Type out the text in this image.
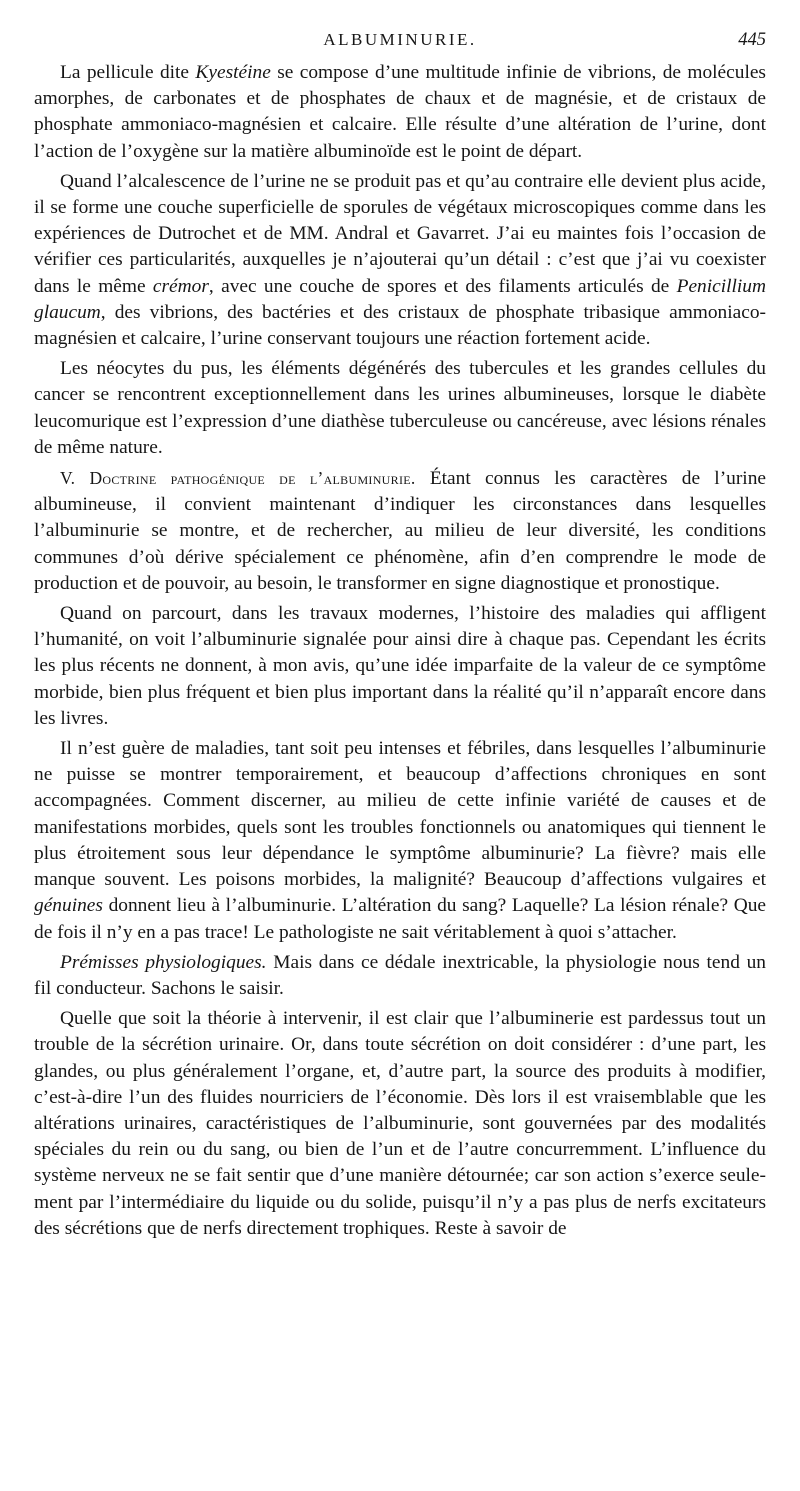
ALBUMINURIE.	445

La pellicule dite Kyestéine se compose d’une multitude infinie de vibrions, de molécules amorphes, de carbonates et de phosphates de chaux et de magnésie, et de cristaux de phosphate ammoniaco-magnésien et calcaire. Elle résulte d’une altération de l’urine, dont l’action de l’oxygène sur la matière albuminoïde est le point de départ.

Quand l’alcalescence de l’urine ne se produit pas et qu’au contraire elle devient plus acide, il se forme une couche superficielle de sporules de végétaux microscopiques comme dans les expériences de Dutrochet et de MM. Andral et Gavarret. J’ai eu maintes fois l’occasion de vérifier ces particularités, auxquelles je n’ajouterai qu’un détail : c’est que j’ai vu coexister dans le même crémor, avec une couche de spores et des filaments articulés de Penicillium glaucum, des vibrions, des bactéries et des cristaux de phosphate tribasique ammoniaco-magnésien et calcaire, l’urine conservant toujours une réaction fortement acide.

Les néocytes du pus, les éléments dégénérés des tubercules et les grandes cellules du cancer se rencontrent exceptionnellement dans les urines albumineuses, lorsque le diabète leucomurique est l’expression d’une diathèse tuberculeuse ou cancéreuse, avec lésions rénales de même nature.

V. Doctrine pathogénique de l’albuminurie. Étant connus les caractères de l’urine albumineuse, il convient maintenant d’indiquer les circonstances dans lesquelles l’albuminurie se montre, et de rechercher, au milieu de leur diversité, les conditions communes d’où dérive spécialement ce phénomène, afin d’en comprendre le mode de production et de pouvoir, au besoin, le transformer en signe diagnostique et pronostique.

Quand on parcourt, dans les travaux modernes, l’histoire des maladies qui affligent l’humanité, on voit l’albuminurie signalée pour ainsi dire à chaque pas. Cependant les écrits les plus récents ne donnent, à mon avis, qu’une idée imparfaite de la valeur de ce symptôme morbide, bien plus fréquent et bien plus important dans la réalité qu’il n’apparaît encore dans les livres.

Il n’est guère de maladies, tant soit peu intenses et fébriles, dans lesquelles l’albuminurie ne puisse se montrer temporairement, et beaucoup d’affections chroniques en sont accompagnées. Comment discerner, au milieu de cette infinie variété de causes et de manifestations morbides, quels sont les troubles fonctionnels ou anatomiques qui tiennent le plus étroitement sous leur dépendance le symptôme albuminurie? La fièvre? mais elle manque souvent. Les poisons morbides, la malignité? Beaucoup d’affections vulgaires et génuines donnent lieu à l’albuminurie. L’altération du sang? Laquelle? La lésion rénale? Que de fois il n’y en a pas trace! Le pathologiste ne sait véritablement à quoi s’attacher.

Prémisses physiologiques. Mais dans ce dédale inextricable, la physiologie nous tend un fil conducteur. Sachons le saisir.

Quelle que soit la théorie à intervenir, il est clair que l’albuminerie est pardessus tout un trouble de la sécrétion urinaire. Or, dans toute sécrétion on doit considérer : d’une part, les glandes, ou plus généralement l’organe, et, d’autre part, la source des produits à modifier, c’est-à-dire l’un des fluides nourriciers de l’économie. Dès lors il est vraisemblable que les altérations urinaires, caractéristiques de l’albuminurie, sont gouvernées par des modalités spéciales du rein ou du sang, ou bien de l’un et de l’autre concurremment. L’influence du système nerveux ne se fait sentir que d’une manière détournée; car son action s’exerce seulement par l’intermédiaire du liquide ou du solide, puisqu’il n’y a pas plus de nerfs excitateurs des sécrétions que de nerfs directement trophiques. Reste à savoir de
